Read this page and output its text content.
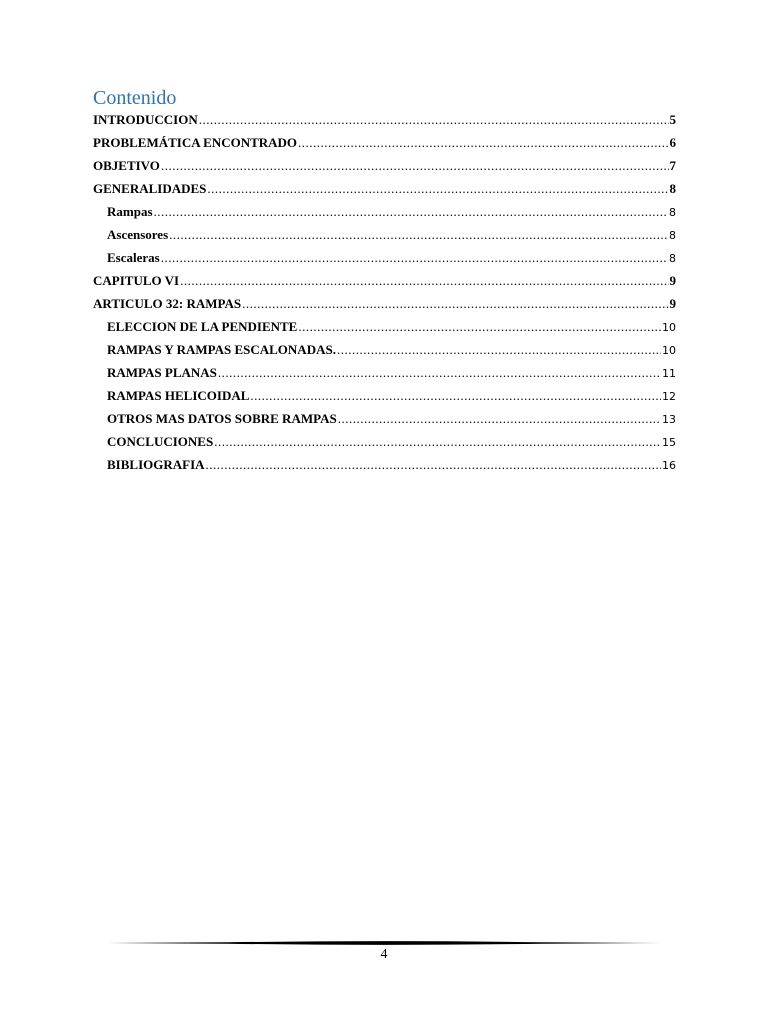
Contenido
INTRODUCCION .....	5
PROBLEMÁTICA ENCONTRADO .....	6
OBJETIVO .....	7
GENERALIDADES .....	8
Rampas .....	8
Ascensores .....	8
Escaleras .....	8
CAPITULO VI .....	9
ARTICULO 32: RAMPAS .....	9
ELECCION DE LA PENDIENTE .....	10
RAMPAS Y RAMPAS ESCALONADAS. .....	10
RAMPAS PLANAS .....	11
RAMPAS HELICOIDAL .....	12
OTROS MAS DATOS SOBRE RAMPAS .....	13
CONCLUCIONES .....	15
BIBLIOGRAFIA .....	16
4
